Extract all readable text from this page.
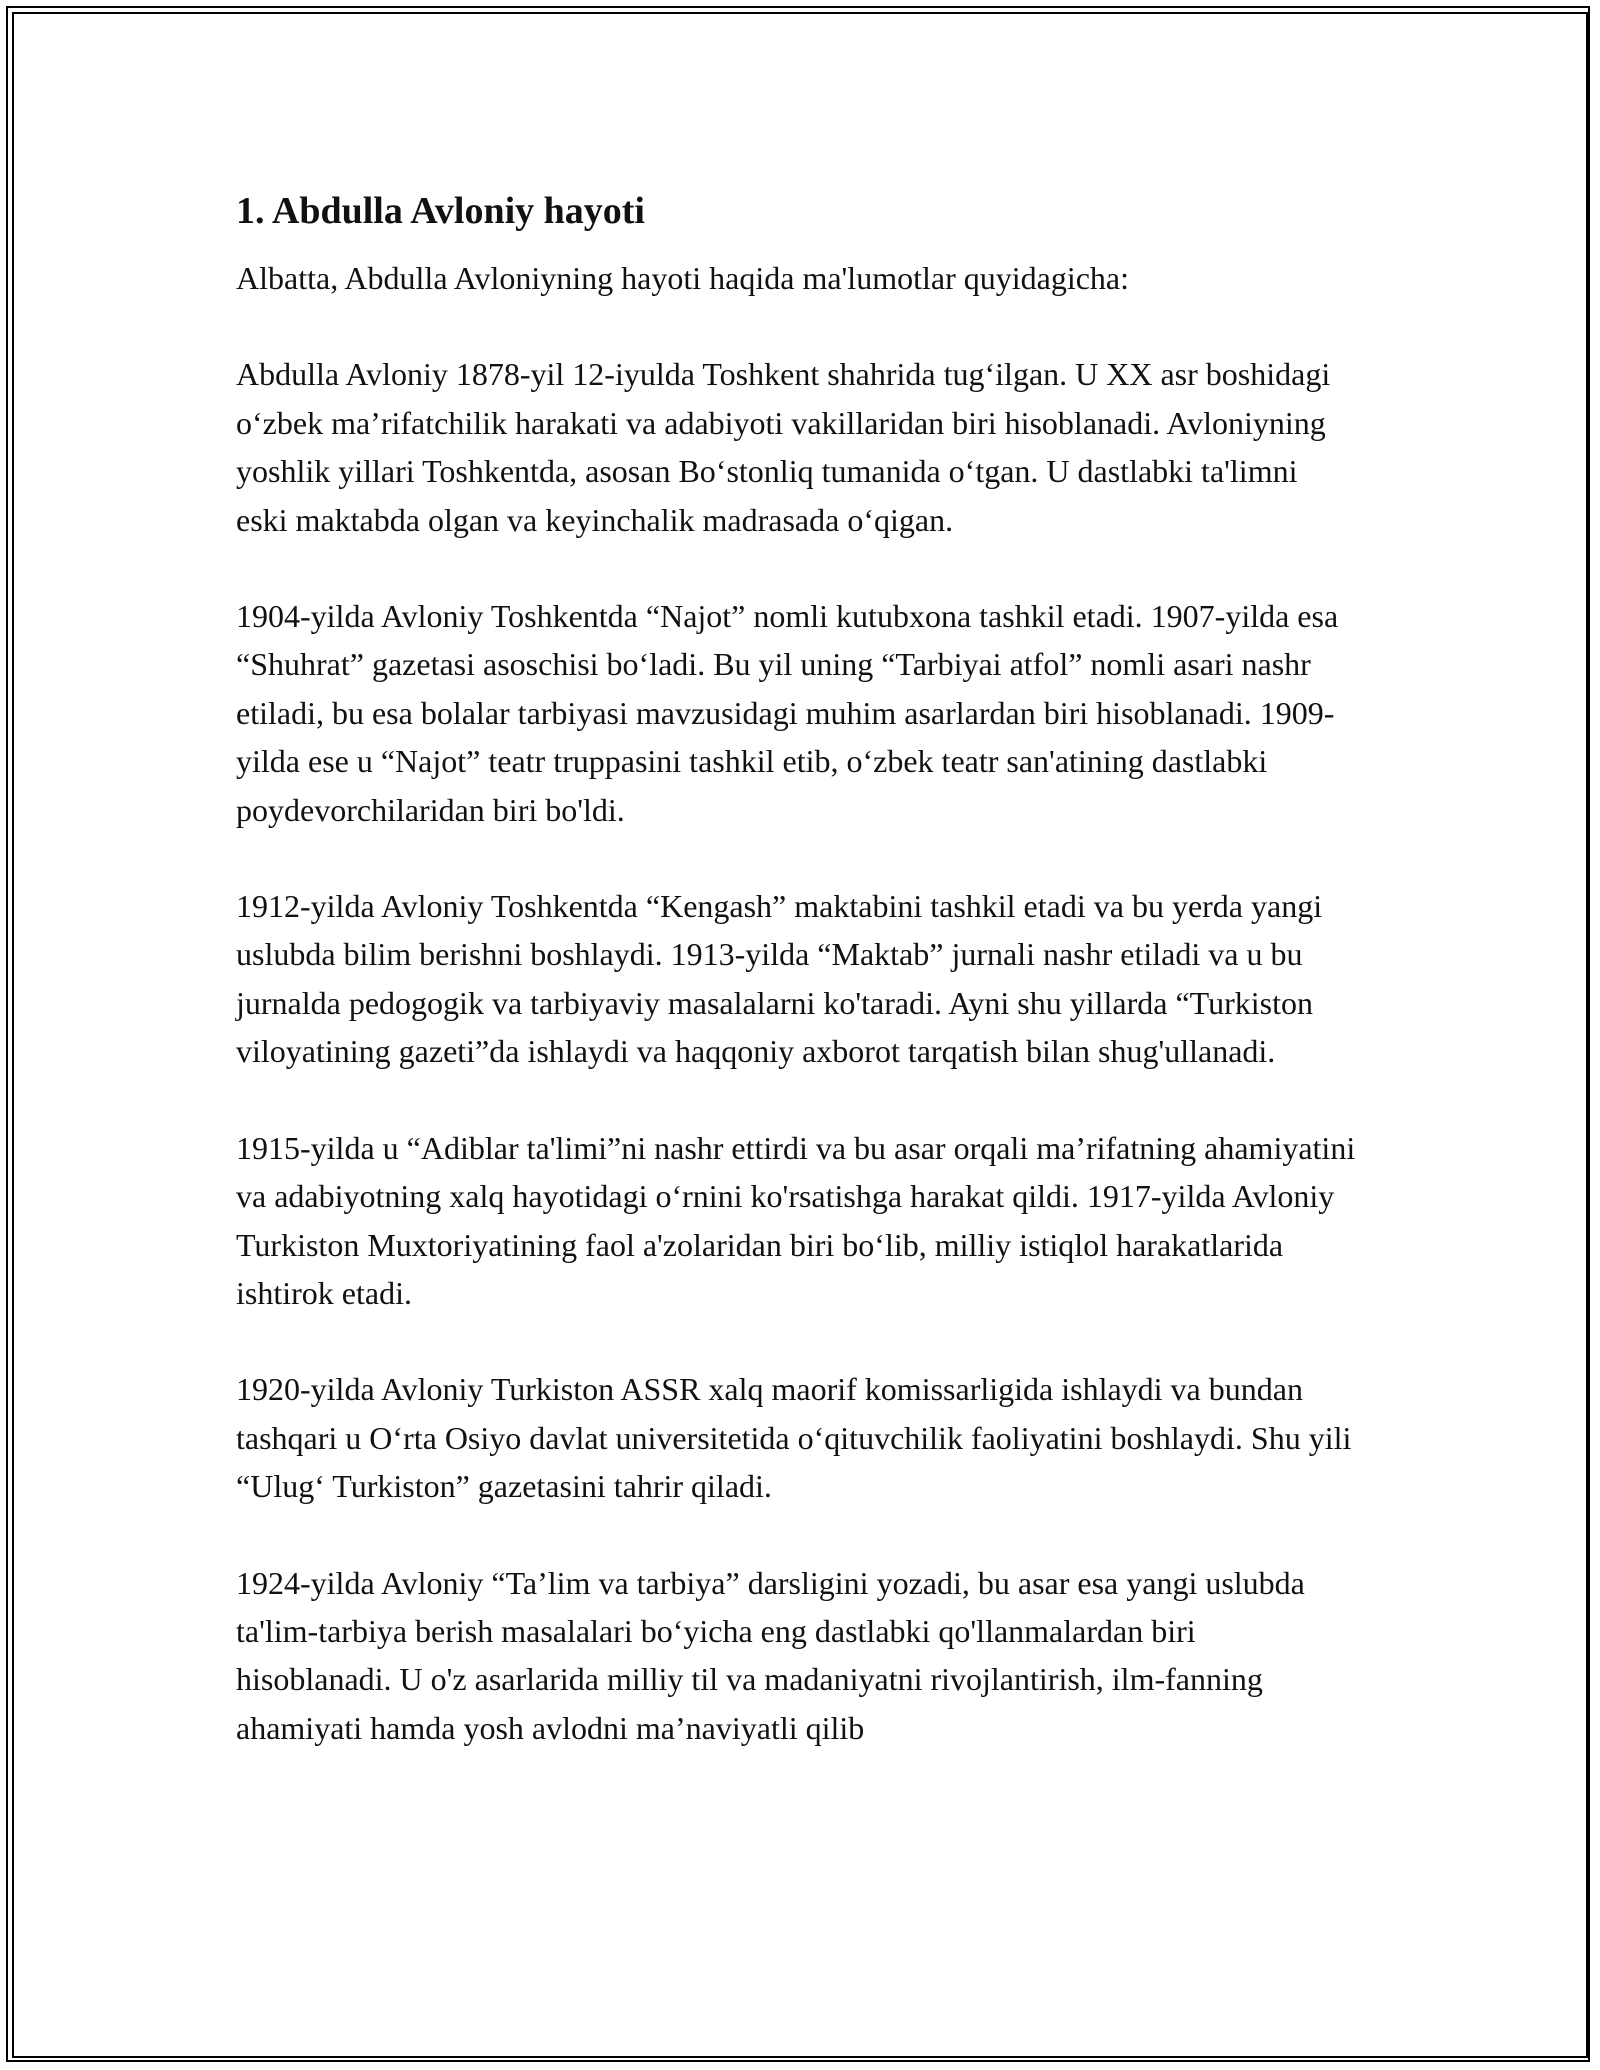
1. Abdulla Avloniy hayoti

Albatta, Abdulla Avloniyning hayoti haqida ma'lumotlar quyidagicha:

Abdulla Avloniy 1878-yil 12-iyulda Toshkent shahrida tug‘ilgan. U XX asr boshidagi o‘zbek ma’rifatchilik harakati va adabiyoti vakillaridan biri hisoblanadi. Avloniyning yoshlik yillari Toshkentda, asosan Bo‘stonliq tumanida o‘tgan. U dastlabki ta'limni eski maktabda olgan va keyinchalik madrasada o‘qigan.

1904-yilda Avloniy Toshkentda “Najot” nomli kutubxona tashkil etadi. 1907-yilda esa “Shuhrat” gazetasi asoschisi bo‘ladi. Bu yil uning “Tarbiyai atfol” nomli asari nashr etiladi, bu esa bolalar tarbiyasi mavzusidagi muhim asarlardan biri hisoblanadi. 1909-yilda ese u “Najot” teatr truppasini tashkil etib, o‘zbek teatr san'atining dastlabki poydevorchilaridan biri bo'ldi.

1912-yilda Avloniy Toshkentda “Kengash” maktabini tashkil etadi va bu yerda yangi uslubda bilim berishni boshlaydi. 1913-yilda “Maktab” jurnali nashr etiladi va u bu jurnalda pedogogik va tarbiyaviy masalalarni ko'taradi. Ayni shu yillarda “Turkiston viloyatining gazeti”da ishlaydi va haqqoniy axborot tarqatish bilan shug'ullanadi.

1915-yilda u “Adiblar ta'limi”ni nashr ettirdi va bu asar orqali ma’rifatning ahamiyatini va adabiyotning xalq hayotidagi o‘rnini ko'rsatishga harakat qildi. 1917-yilda Avloniy Turkiston Muxtoriyatining faol a'zolaridan biri bo‘lib, milliy istiqlol harakatlarida ishtirok etadi.

1920-yilda Avloniy Turkiston ASSR xalq maorif komissarligida ishlaydi va bundan tashqari u O‘rta Osiyo davlat universitetida o‘qituvchilik faoliyatini boshlaydi. Shu yili “Ulug‘ Turkiston” gazetasini tahrir qiladi.

1924-yilda Avloniy “Ta’lim va tarbiya” darsligini yozadi, bu asar esa yangi uslubda ta'lim-tarbiya berish masalalari bo‘yicha eng dastlabki qo'llanmalardan biri hisoblanadi. U o'z asarlarida milliy til va madaniyatni rivojlantirish, ilm-fanning ahamiyati hamda yosh avlodni ma’naviyatli qilib
